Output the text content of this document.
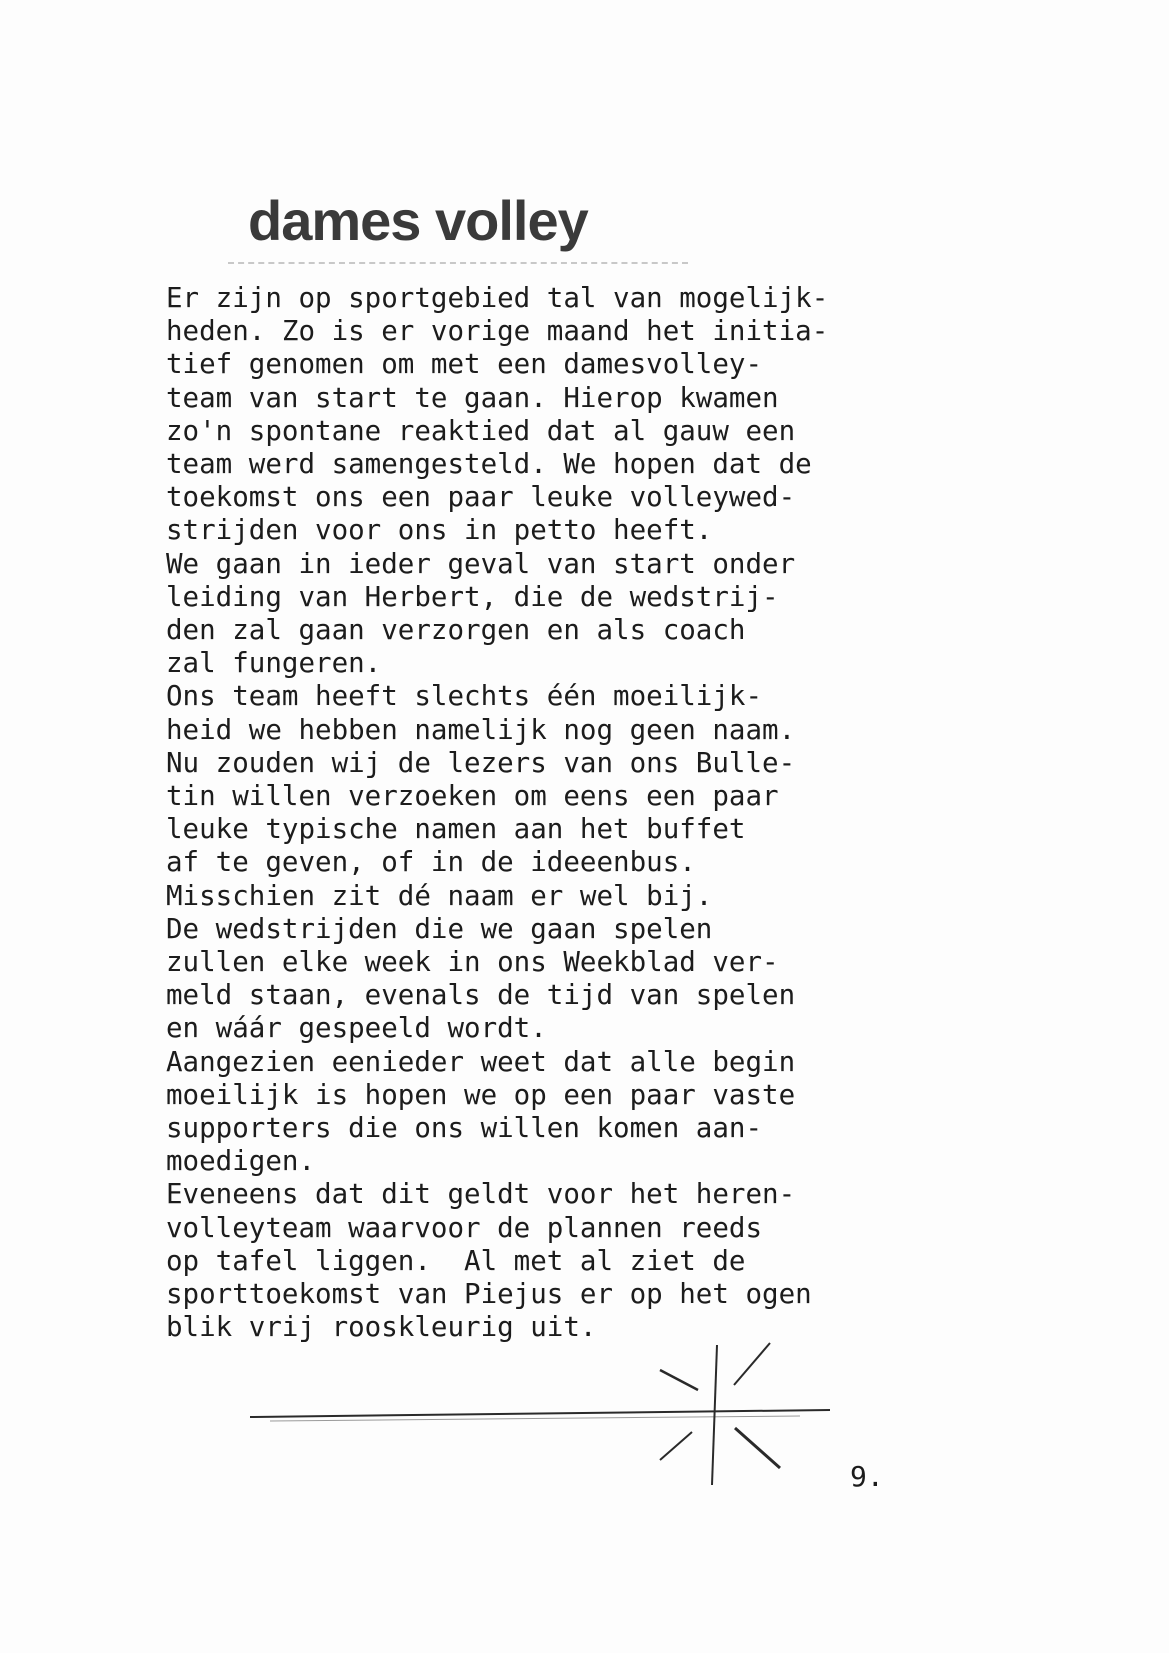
dames volley
Er zijn op sportgebied tal van mogelijk-
heden. Zo is er vorige maand het initia-
tief genomen om met een damesvolley-
team van start te gaan. Hierop kwamen
zo'n spontane reaktied dat al gauw een
team werd samengesteld. We hopen dat de
toekomst ons een paar leuke volleywed-
strijden voor ons in petto heeft.
We gaan in ieder geval van start onder
leiding van Herbert, die de wedstrij-
den zal gaan verzorgen en als coach
zal fungeren.
Ons team heeft slechts één moeilijk-
heid we hebben namelijk nog geen naam.
Nu zouden wij de lezers van ons Bulle-
tin willen verzoeken om eens een paar
leuke typische namen aan het buffet
af te geven, of in de ideeenbus.
Misschien zit dé naam er wel bij.
De wedstrijden die we gaan spelen
zullen elke week in ons Weekblad ver-
meld staan, evenals de tijd van spelen
en wáár gespeeld wordt.
Aangezien eenieder weet dat alle begin
moeilijk is hopen we op een paar vaste
supporters die ons willen komen aan-
moedigen.
Eveneens dat dit geldt voor het heren-
volleyteam waarvoor de plannen reeds
op tafel liggen.  Al met al ziet de
sporttoekomst van Piejus er op het ogen
blik vrij rooskleurig uit.
9.
